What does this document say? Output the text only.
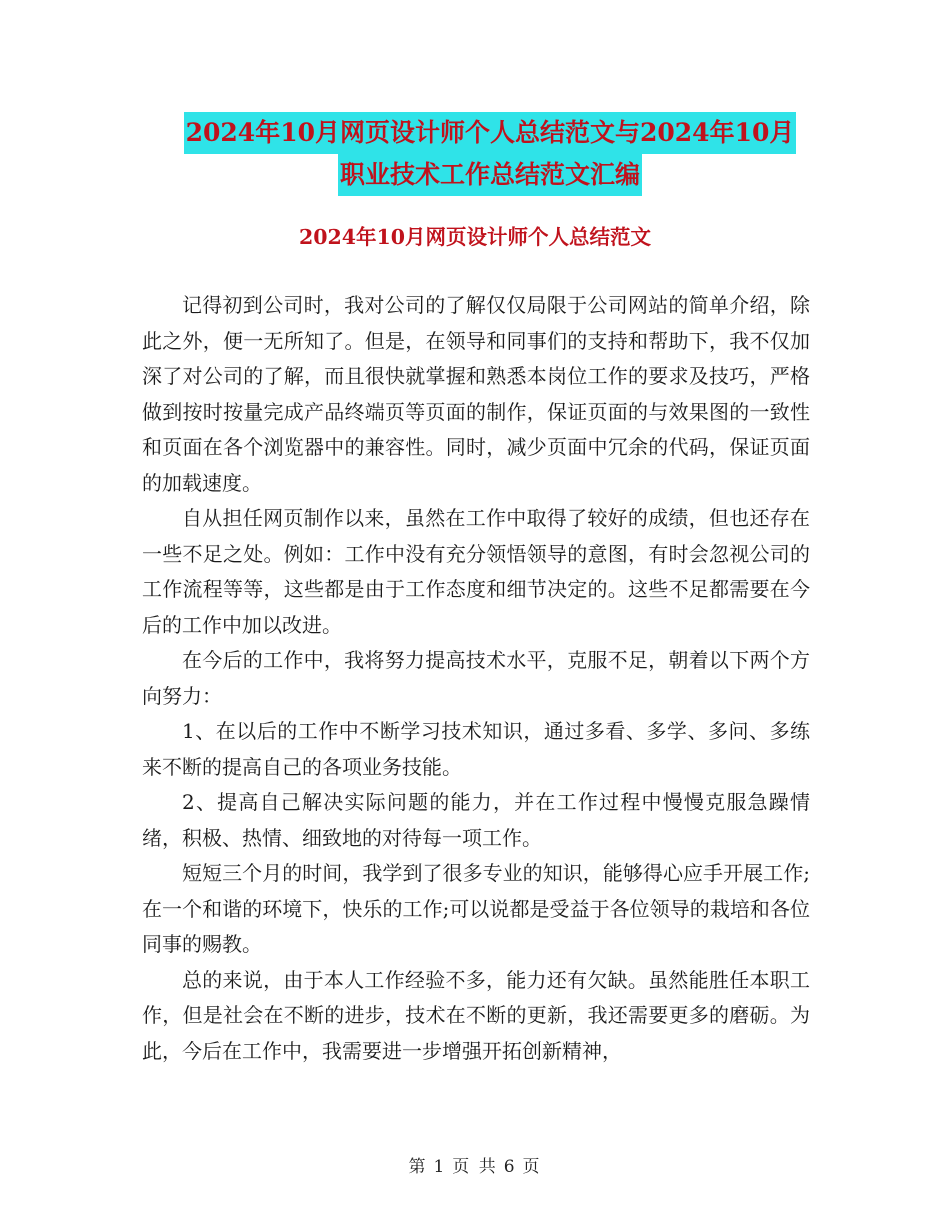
2024年10月网页设计师个人总结范文与2024年10月
职业技术工作总结范文汇编
2024年10月网页设计师个人总结范文

记得初到公司时，我对公司的了解仅仅局限于公司网站的简单介绍，除此之外，便一无所知了。但是，在领导和同事们的支持和帮助下，我不仅加深了对公司的了解，而且很快就掌握和熟悉本岗位工作的要求及技巧，严格做到按时按量完成产品终端页等页面的制作，保证页面的与效果图的一致性和页面在各个浏览器中的兼容性。同时，减少页面中冗余的代码，保证页面的加载速度。

自从担任网页制作以来，虽然在工作中取得了较好的成绩，但也还存在一些不足之处。例如：工作中没有充分领悟领导的意图，有时会忽视公司的工作流程等等，这些都是由于工作态度和细节决定的。这些不足都需要在今后的工作中加以改进。

在今后的工作中，我将努力提高技术水平，克服不足，朝着以下两个方向努力：

1、在以后的工作中不断学习技术知识，通过多看、多学、多问、多练来不断的提高自己的各项业务技能。

2、提高自己解决实际问题的能力，并在工作过程中慢慢克服急躁情绪，积极、热情、细致地的对待每一项工作。

短短三个月的时间，我学到了很多专业的知识，能够得心应手开展工作;在一个和谐的环境下，快乐的工作;可以说都是受益于各位领导的栽培和各位同事的赐教。

总的来说，由于本人工作经验不多，能力还有欠缺。虽然能胜任本职工作，但是社会在不断的进步，技术在不断的更新，我还需要更多的磨砺。为此，今后在工作中，我需要进一步增强开拓创新精神，

第 1 页 共 6 页
